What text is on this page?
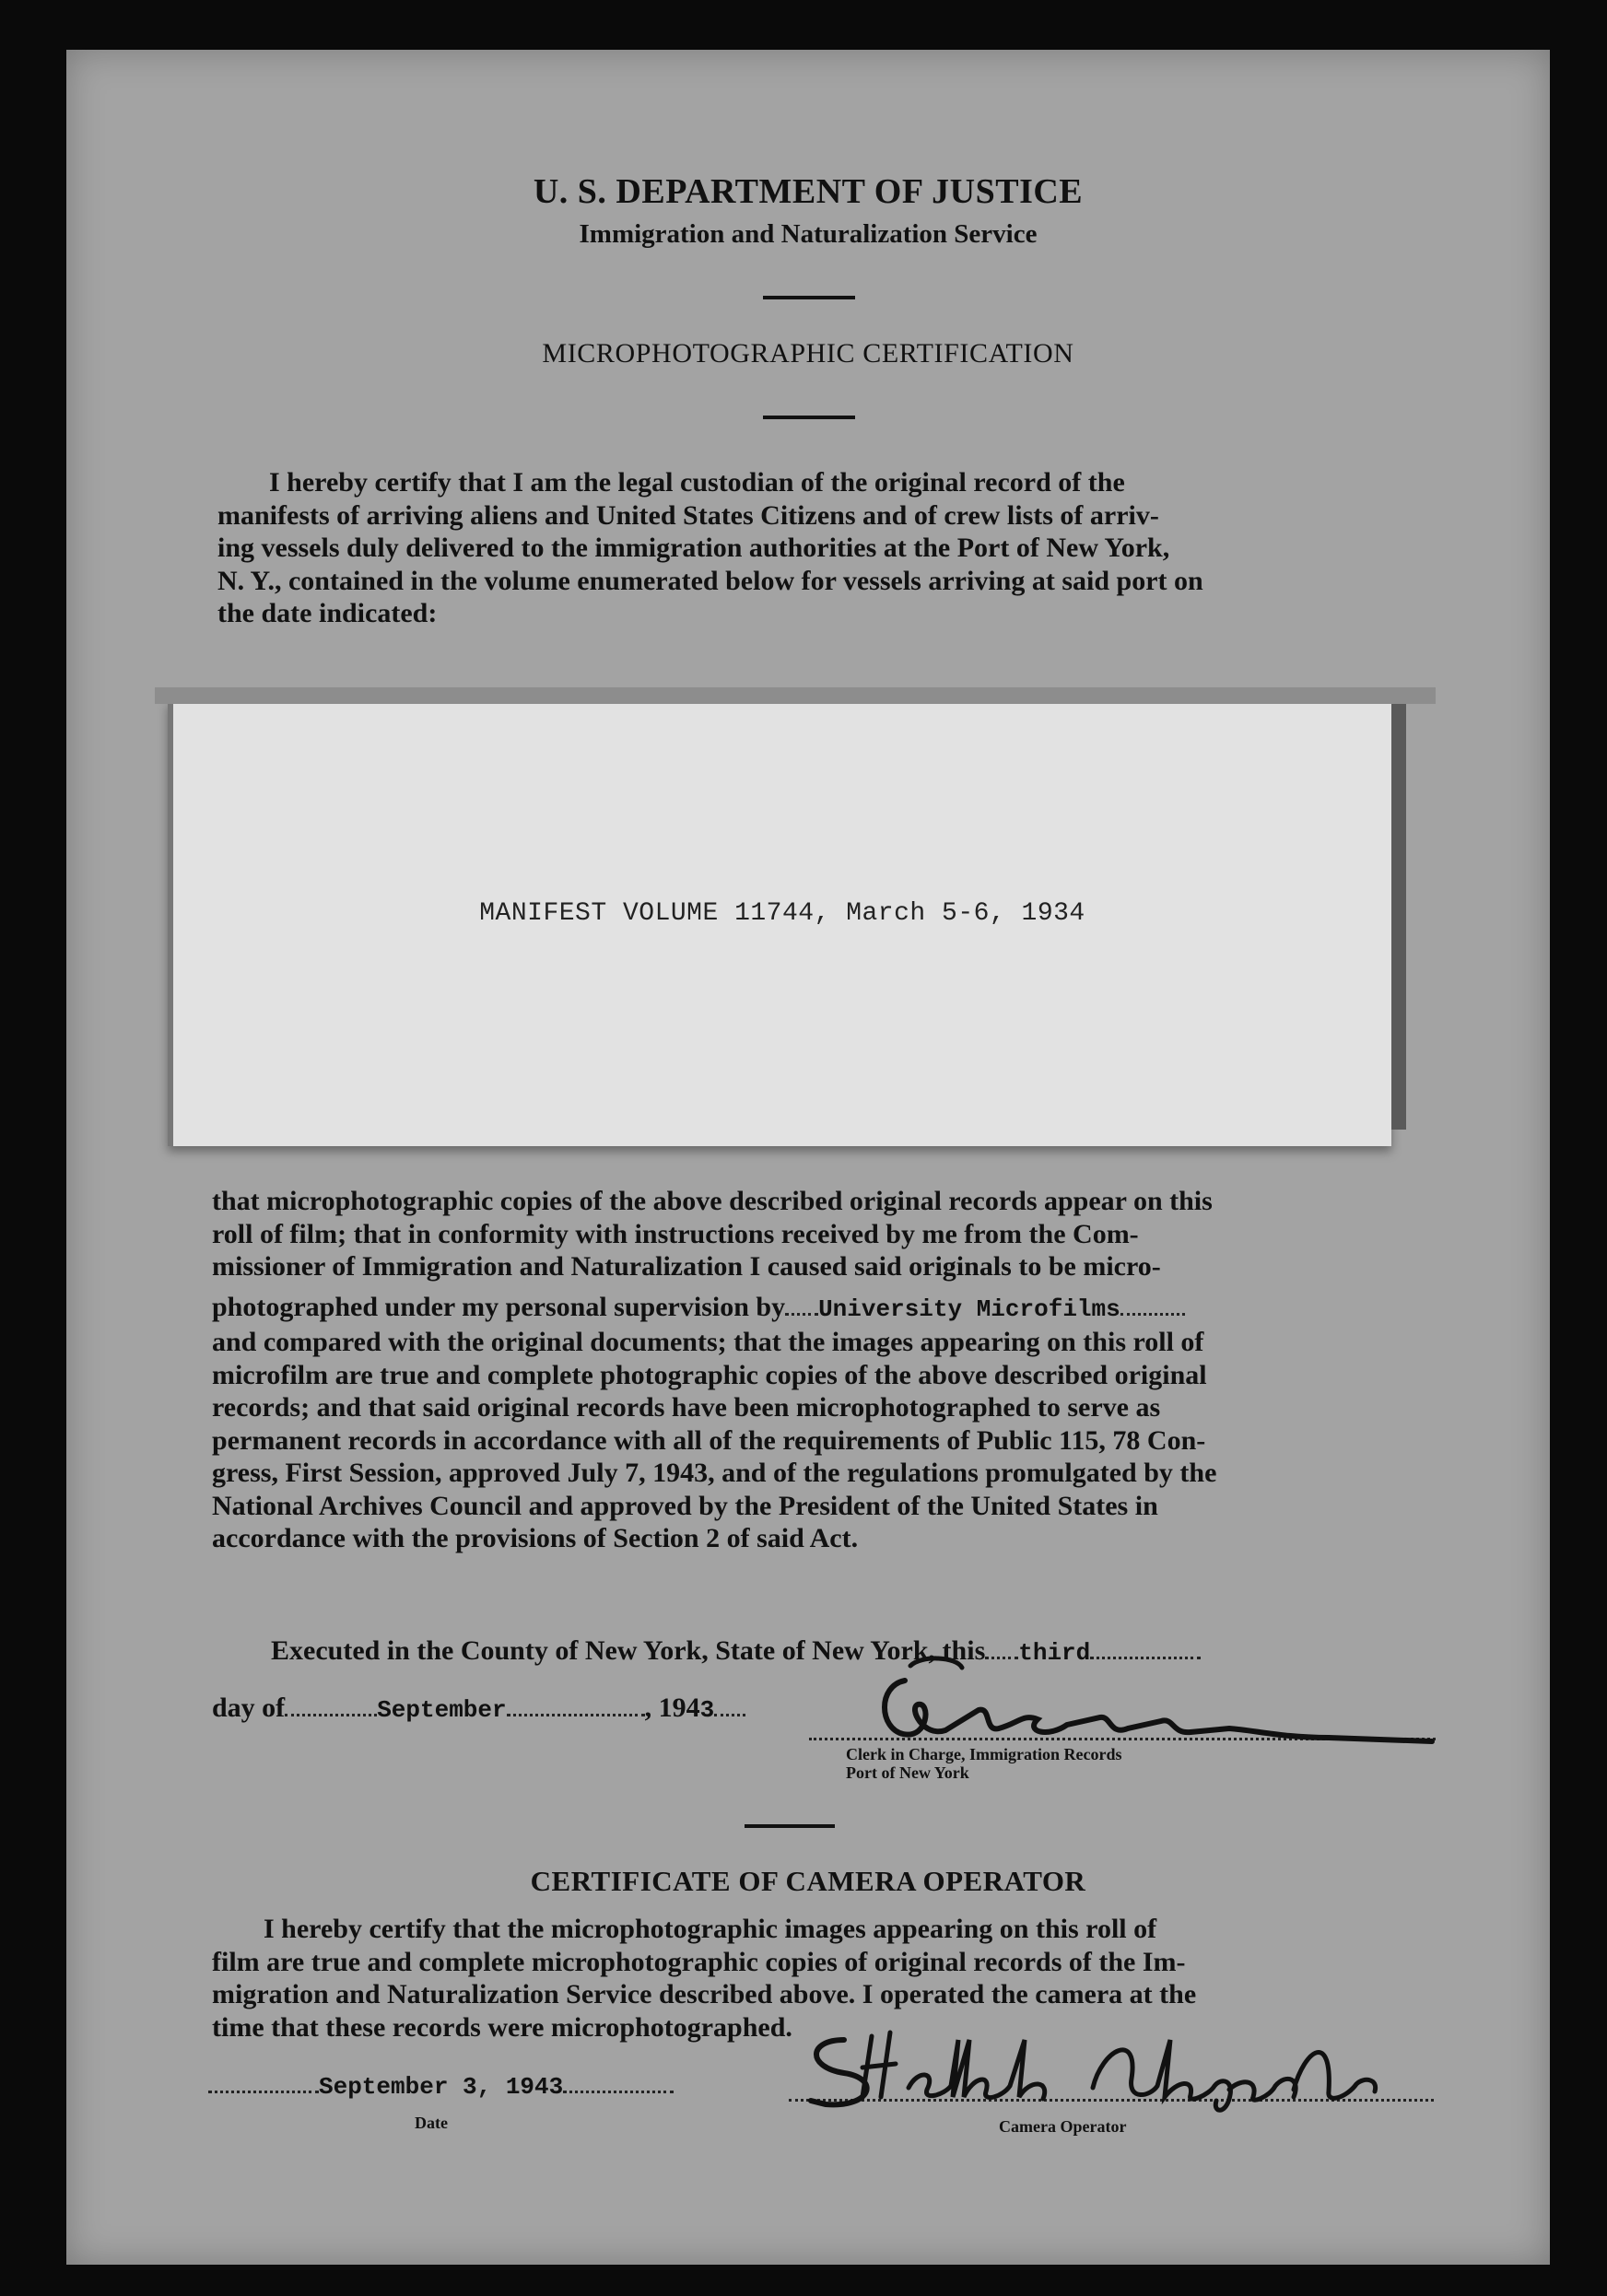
U. S. DEPARTMENT OF JUSTICE
Immigration and Naturalization Service
MICROPHOTOGRAPHIC CERTIFICATION

I hereby certify that I am the legal custodian of the original record of the

manifests of arriving aliens and United States Citizens and of crew lists of arriv-

ing vessels duly delivered to the immigration authorities at the Port of New York,

N. Y., contained in the volume enumerated below for vessels arriving at said port on

the date indicated:

MANIFEST VOLUME 11744, March 5-6, 1934

that microphotographic copies of the above described original records appear on this

roll of film; that in conformity with instructions received by me from the Com-

missioner of Immigration and Naturalization I caused said originals to be micro-

photographed under my personal supervision by University Microfilms

and compared with the original documents; that the images appearing on this roll of

microfilm are true and complete photographic copies of the above described original

records; and that said original records have been microphotographed to serve as

permanent records in accordance with all of the requirements of Public 115, 78 Con-

gress, First Session, approved July 7, 1943, and of the regulations promulgated by the

National Archives Council and approved by the President of the United States in

accordance with the provisions of Section 2 of said Act.

Executed in the County of New York, State of New York, this third
day of	September	, 1943
Clerk in Charge, Immigration Records
Port of New York
CERTIFICATE OF CAMERA OPERATOR

I hereby certify that the microphotographic images appearing on this roll of

film are true and complete microphotographic copies of original records of the Im-

migration and Naturalization Service described above. I operated the camera at the

time that these records were microphotographed.

September 3, 1943
Date	Camera Operator
